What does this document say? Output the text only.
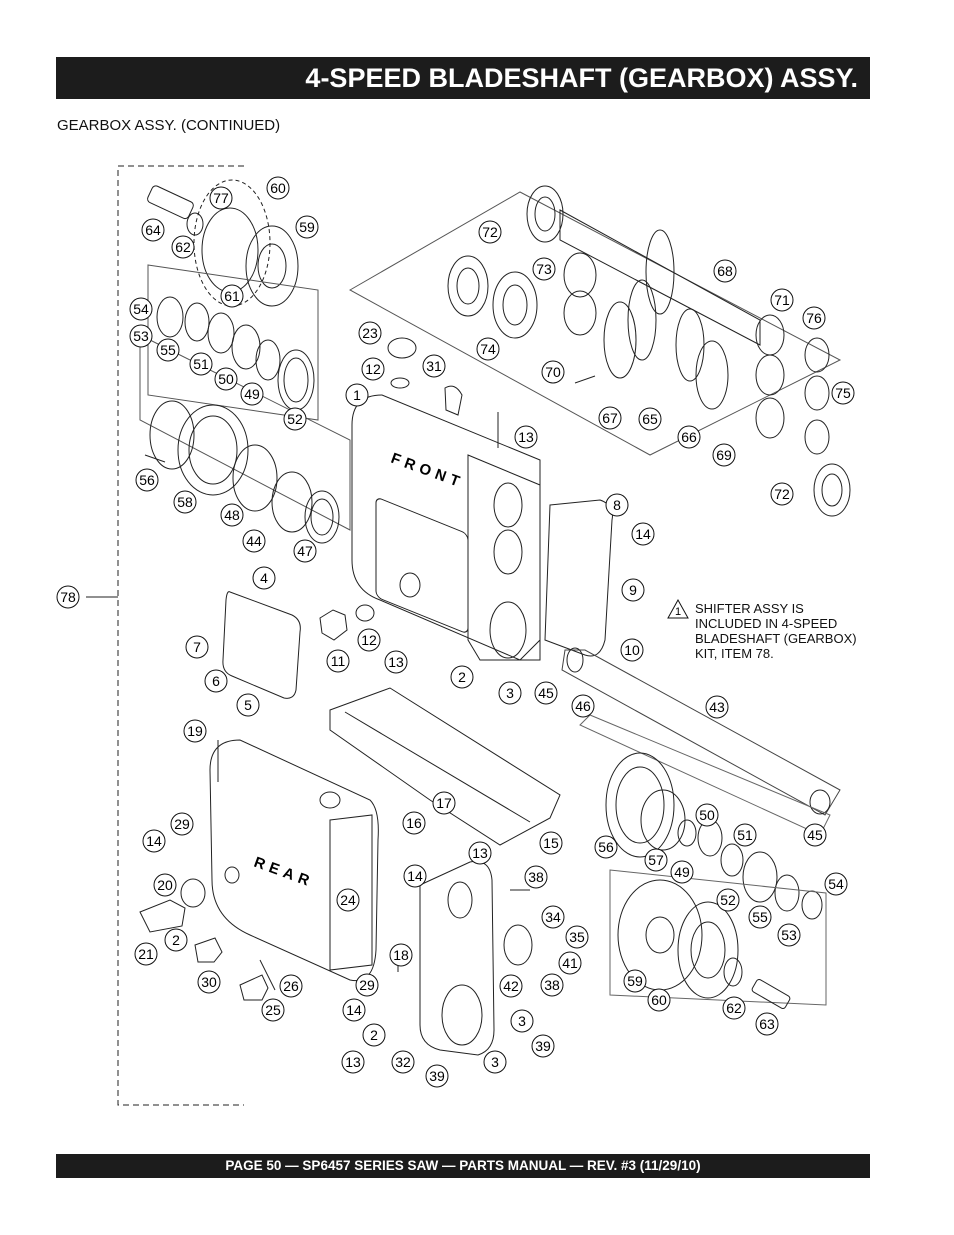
4-SPEED BLADESHAFT (GEARBOX) ASSY.
GEARBOX ASSY. (CONTINUED)
FRONT
REAR
1
64
77
60
62
59
61
54
53
55
51
50
49
52
56
58
48
44
47
78
72
73	68
71
76
74
70
75
67 65
66
69
72
23
12	31
1
13
8
14
9
10
4
7
6
5
11
12
13
2
3 45
46	43
19
29
14
20
21
2
30	26
25
24
17
16
15
13
14	38
34
35
41
42 38
18
29
14
2
13 32
3
39
3
39
56
57
49
50
51
52
55
53
54
45
59
60	62
63
SHIFTER ASSY IS
INCLUDED IN 4-SPEED
BLADESHAFT (GEARBOX)
KIT, ITEM 78.
PAGE 50 — SP6457 SERIES SAW — PARTS MANUAL — REV. #3 (11/29/10)
